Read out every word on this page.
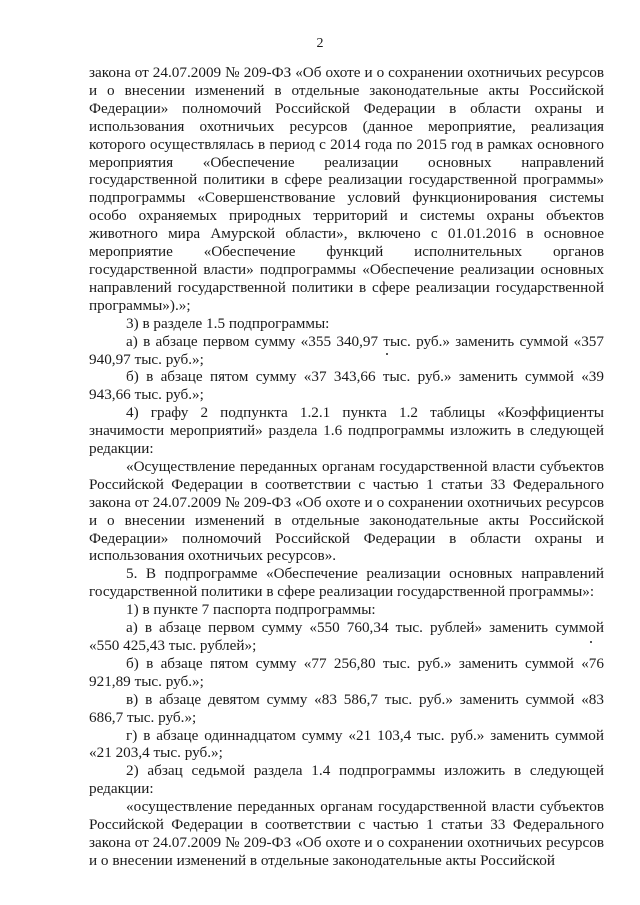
2

закона от 24.07.2009 № 209-ФЗ «Об охоте и о сохранении охотничьих ресурсов и о внесении изменений в отдельные законодательные акты Российской Федерации» полномочий Российской Федерации в области охраны и использования охотничьих ресурсов (данное мероприятие, реализация которого осуществлялась в период с 2014 года по 2015 год в рамках основного мероприятия «Обеспечение реализации основных направлений государственной политики в сфере реализации государственной программы» подпрограммы «Совершенствование условий функционирования системы особо охраняемых природных территорий и системы охраны объектов животного мира Амурской области», включено с 01.01.2016 в основное мероприятие «Обеспечение функций исполнительных органов государственной власти» подпрограммы «Обеспечение реализации основных направлений государственной политики в сфере реализации государственной программы»).»;

3) в разделе 1.5 подпрограммы:

а) в абзаце первом сумму «355 340,97 тыс. руб.» заменить суммой «357 940,97 тыс. руб.»;

б) в абзаце пятом сумму «37 343,66 тыс. руб.» заменить суммой «39 943,66 тыс. руб.»;

4) графу 2 подпункта 1.2.1 пункта 1.2 таблицы «Коэффициенты значимости мероприятий» раздела 1.6 подпрограммы изложить в следующей редакции:

«Осуществление переданных органам государственной власти субъектов Российской Федерации в соответствии с частью 1 статьи 33 Федерального закона от 24.07.2009 № 209-ФЗ «Об охоте и о сохранении охотничьих ресурсов и о внесении изменений в отдельные законодательные акты Российской Федерации» полномочий Российской Федерации в области охраны и использования охотничьих ресурсов».

5. В подпрограмме «Обеспечение реализации основных направлений государственной политики в сфере реализации государственной программы»:

1) в пункте 7 паспорта подпрограммы:

а) в абзаце первом сумму «550 760,34 тыс. рублей» заменить суммой «550 425,43 тыс. рублей»;

б) в абзаце пятом сумму «77 256,80 тыс. руб.» заменить суммой «76 921,89 тыс. руб.»;

в) в абзаце девятом сумму «83 586,7 тыс. руб.» заменить суммой «83 686,7 тыс. руб.»;

г) в абзаце одиннадцатом сумму «21 103,4 тыс. руб.» заменить суммой «21 203,4 тыс. руб.»;

2) абзац седьмой раздела 1.4 подпрограммы изложить в следующей редакции:

«осуществление переданных органам государственной власти субъектов Российской Федерации в соответствии с частью 1 статьи 33 Федерального закона от 24.07.2009 № 209-ФЗ «Об охоте и о сохранении охотничьих ресурсов и о внесении изменений в отдельные законодательные акты Российской
